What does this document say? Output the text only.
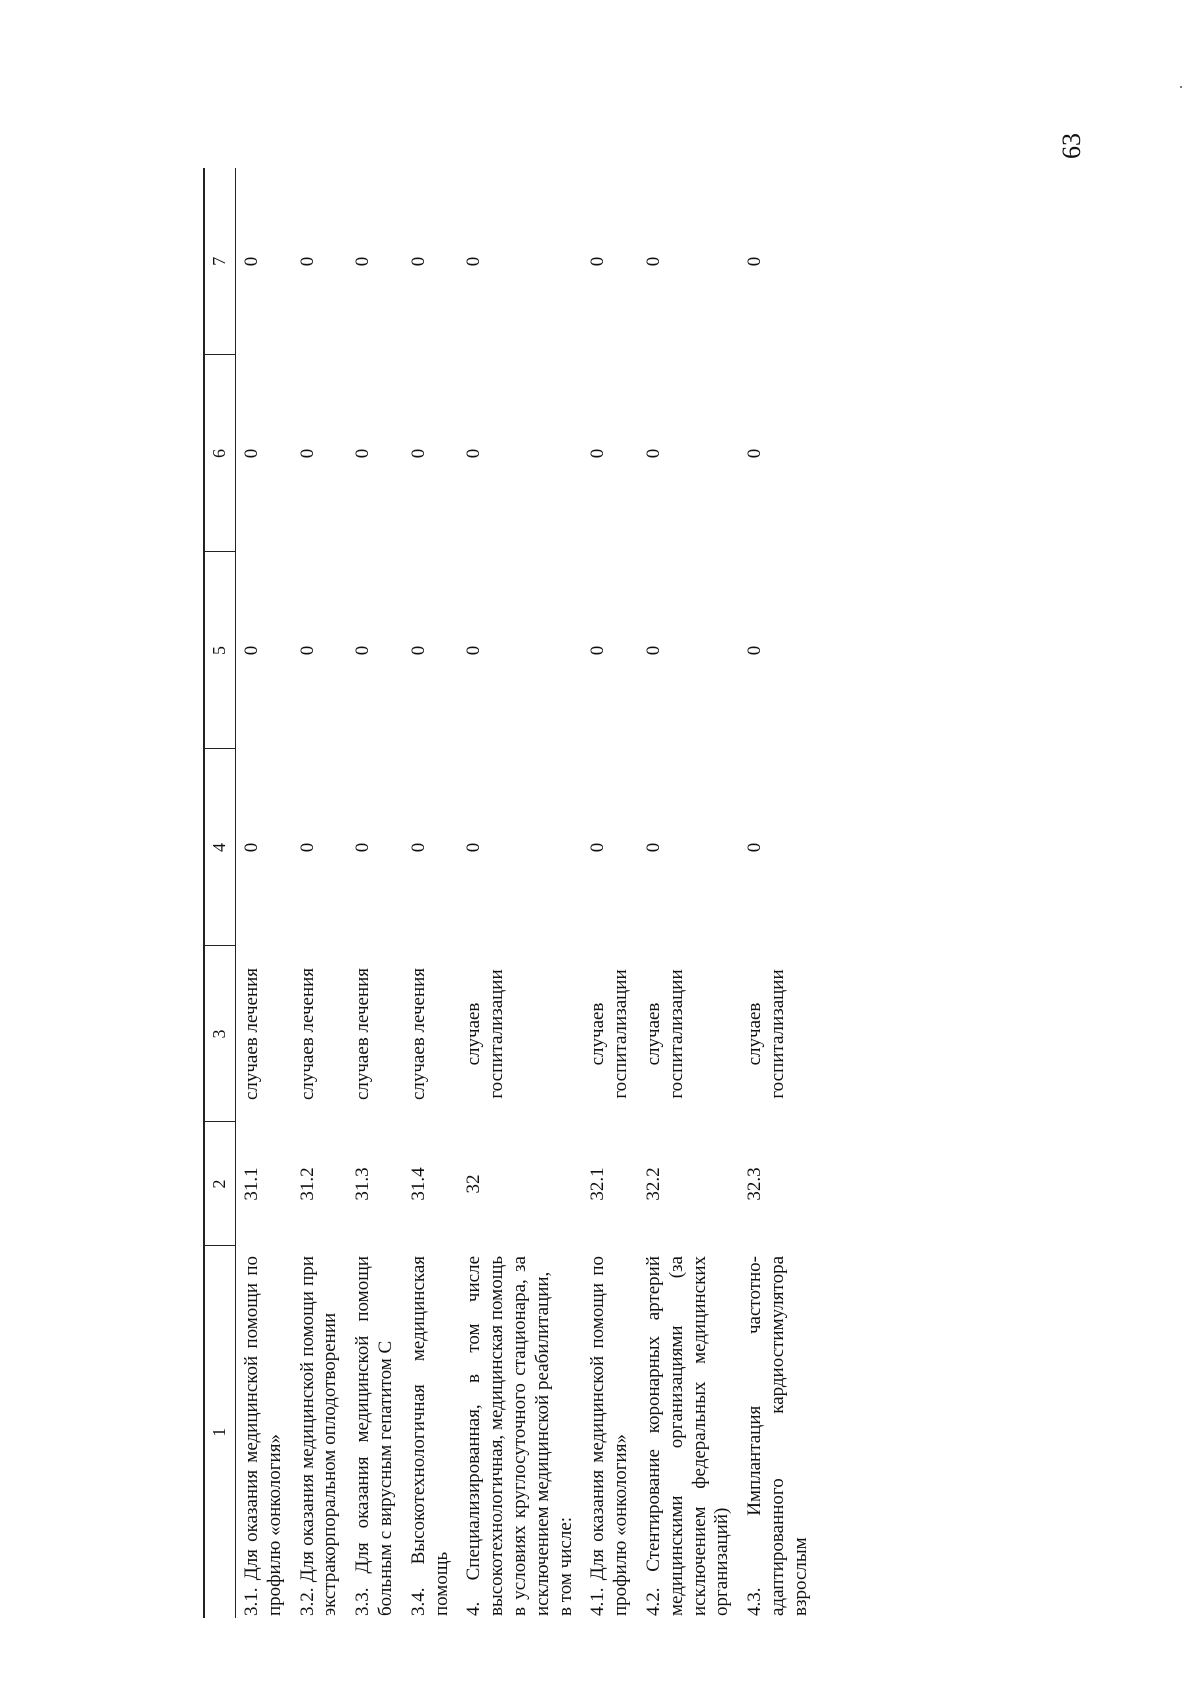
63
1	2	3	4	5	6	7
3.1. Для оказания медицинской помощи по профилю «онкология»	31.1	случаев лечения	0	0	0	0
3.2. Для оказания медицинской помощи при экстракорпоральном оплодотворении	31.2	случаев лечения	0	0	0	0
3.3. Для оказания медицинской помощи больным с вирусным гепатитом С	31.3	случаев лечения	0	0	0	0
3.4. Высокотехнологичная медицинская помощь	31.4	случаев лечения	0	0	0	0

4. Специализированная, в том числе высокотехнологичная, медицинская помощь в условиях круглосуточного стационара, за исключением медицинской реабилитации, в том числе:	32	случаев госпитализации	0	0	0	0
4.1. Для оказания медицинской помощи по профилю «онкология»	32.1	случаев госпитализации	0	0	0	0
4.2. Стентирование коронарных артерий медицинскими организациями (за исключением федеральных медицинских организаций)	32.2	случаев госпитализации	0	0	0	0
4.3. Имплантация частотно-адаптированного кардиостимулятора взрослым	32.3	случаев госпитализации	0	0	0	0
